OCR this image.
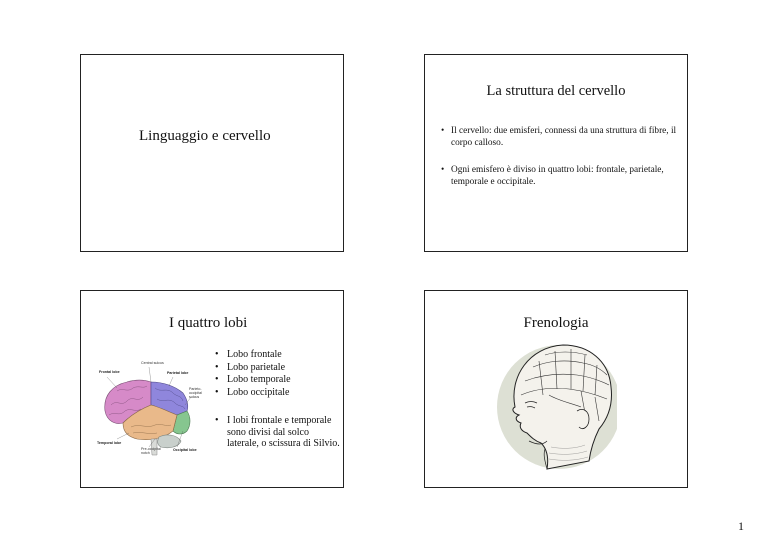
Linguaggio e cervello
La struttura del cervello
• Il cervello: due emisferi, connessi da una struttura di fibre, il corpo calloso.
• Ogni emisfero è diviso in quattro lobi: frontale, parietale, temporale e occipitale.
I quattro lobi
Frontal lobe
Central sulcus
Parietal lobe
Parieto-occipital sulcus
Temporal lobe
Pre-occipital notch
Occipital lobe
• Lobo frontale
• Lobo parietale
• Lobo temporale
• Lobo occipitale
• I lobi frontale e temporale sono divisi dal solco laterale, o scissura di Silvio.
Frenologia
1
